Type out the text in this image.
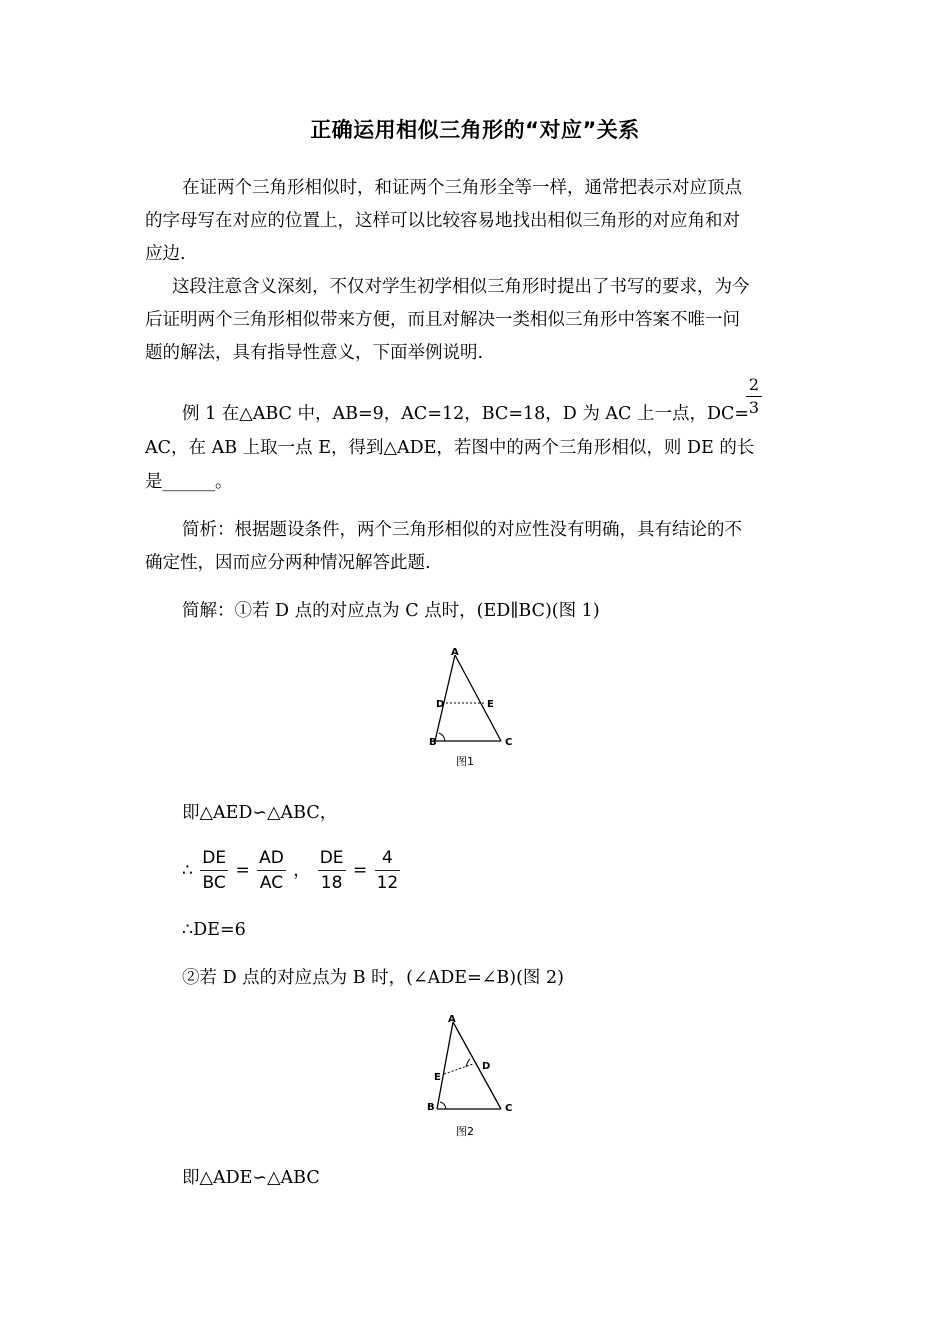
正确运用相似三角形的“对应”关系
在证两个三角形相似时，和证两个三角形全等一样，通常把表示对应顶点
的字母写在对应的位置上，这样可以比较容易地找出相似三角形的对应角和对
应边.
这段注意含义深刻，不仅对学生初学相似三角形时提出了书写的要求，为今
后证明两个三角形相似带来方便，而且对解决一类相似三角形中答案不唯一问
题的解法，具有指导性意义，下面举例说明.
例 1 在△ABC 中，AB=9，AC=12，BC=18，D 为 AC 上一点，DC=
2
3
AC，在 AB 上取一点 E，得到△ADE，若图中的两个三角形相似，则 DE 的长
是______。
简析：根据题设条件，两个三角形相似的对应性没有明确，具有结论的不
确定性，因而应分两种情况解答此题.
简解：①若 D 点的对应点为 C 点时，(ED∥BC)(图 1)
A
D	E
B	C
图1
即△AED∽△ABC，
∴ $\frac{DE}{BC} = \frac{AD}{AC}$ ， $\frac{DE}{18} = \frac{4}{12}$
∴DE=6
②若 D 点的对应点为 B 时，(∠ADE=∠B)(图 2)
A
D
E
B	C
图2
即△ADE∽△ABC
